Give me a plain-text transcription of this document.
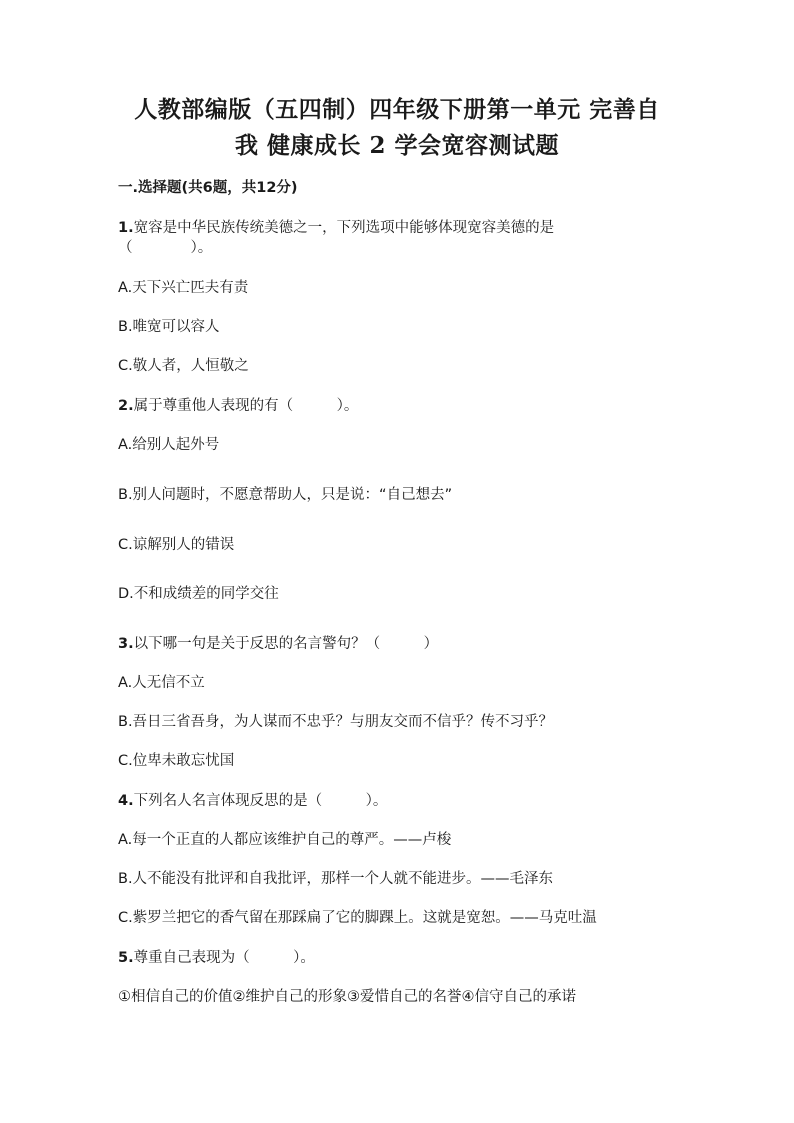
人教部编版（五四制）四年级下册第一单元 完善自
我 健康成长 2 学会宽容测试题
一.选择题(共6题，共12分)
1.宽容是中华民族传统美德之一，下列选项中能够体现宽容美德的是
（　　　　）。
A.天下兴亡匹夫有责
B.唯宽可以容人
C.敬人者，人恒敬之
2.属于尊重他人表现的有（　　　）。
A.给别人起外号
B.别人问题时，不愿意帮助人，只是说：“自己想去”
C.谅解别人的错误
D.不和成绩差的同学交往
3.以下哪一句是关于反思的名言警句？（　　　）
A.人无信不立
B.吾日三省吾身，为人谋而不忠乎？与朋友交而不信乎？传不习乎？
C.位卑未敢忘忧国
4.下列名人名言体现反思的是（　　　）。
A.每一个正直的人都应该维护自己的尊严。——卢梭
B.人不能没有批评和自我批评，那样一个人就不能进步。——毛泽东
C.紫罗兰把它的香气留在那踩扁了它的脚踝上。这就是宽恕。——马克吐温
5.尊重自己表现为（　　　）。
①相信自己的价值②维护自己的形象③爱惜自己的名誉④信守自己的承诺
